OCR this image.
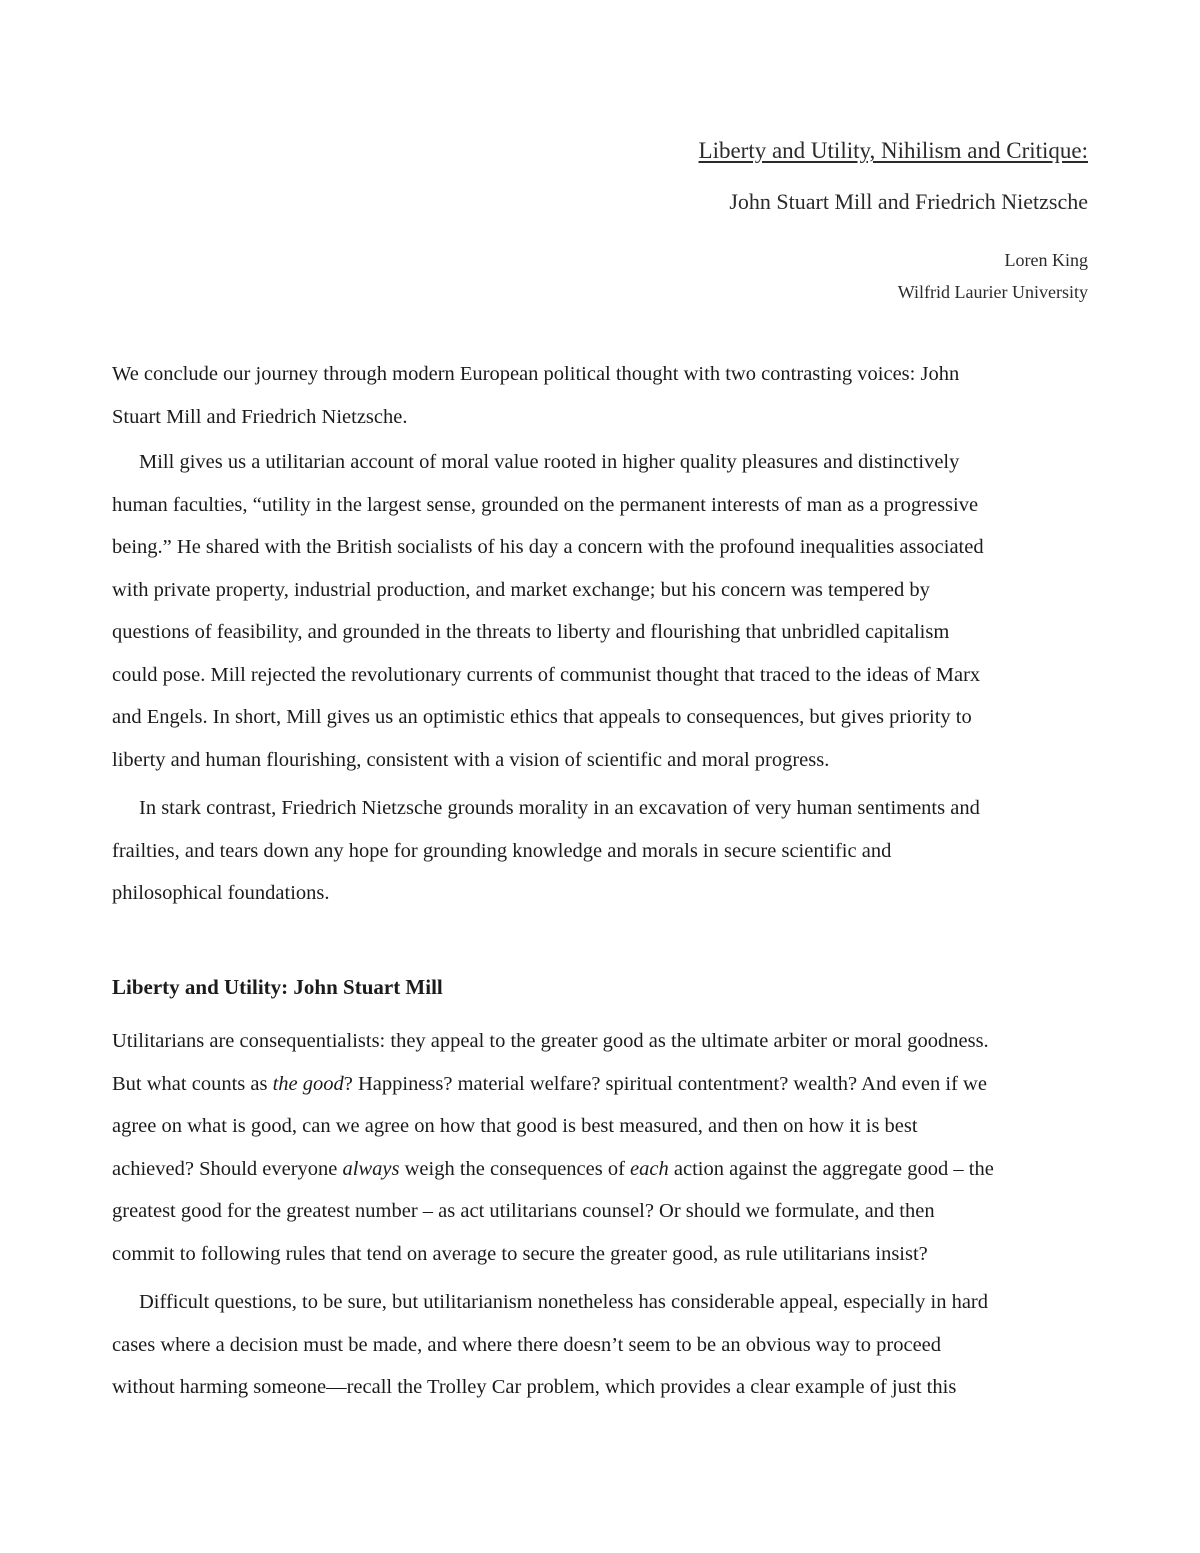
Liberty and Utility, Nihilism and Critique:
John Stuart Mill and Friedrich Nietzsche
Loren King
Wilfrid Laurier University

We conclude our journey through modern European political thought with two contrasting voices: John
Stuart Mill and Friedrich Nietzsche.

Mill gives us a utilitarian account of moral value rooted in higher quality pleasures and distinctively
human faculties, “utility in the largest sense, grounded on the permanent interests of man as a progressive
being.” He shared with the British socialists of his day a concern with the profound inequalities associated
with private property, industrial production, and market exchange; but his concern was tempered by
questions of feasibility, and grounded in the threats to liberty and flourishing that unbridled capitalism
could pose. Mill rejected the revolutionary currents of communist thought that traced to the ideas of Marx
and Engels. In short, Mill gives us an optimistic ethics that appeals to consequences, but gives priority to
liberty and human flourishing, consistent with a vision of scientific and moral progress.

In stark contrast, Friedrich Nietzsche grounds morality in an excavation of very human sentiments and
frailties, and tears down any hope for grounding knowledge and morals in secure scientific and
philosophical foundations.

Liberty and Utility: John Stuart Mill

Utilitarians are consequentialists: they appeal to the greater good as the ultimate arbiter or moral goodness.
But what counts as the good? Happiness? material welfare? spiritual contentment? wealth? And even if we
agree on what is good, can we agree on how that good is best measured, and then on how it is best
achieved? Should everyone always weigh the consequences of each action against the aggregate good – the
greatest good for the greatest number – as act utilitarians counsel? Or should we formulate, and then
commit to following rules that tend on average to secure the greater good, as rule utilitarians insist?

Difficult questions, to be sure, but utilitarianism nonetheless has considerable appeal, especially in hard
cases where a decision must be made, and where there doesn’t seem to be an obvious way to proceed
without harming someone—recall the Trolley Car problem, which provides a clear example of just this
